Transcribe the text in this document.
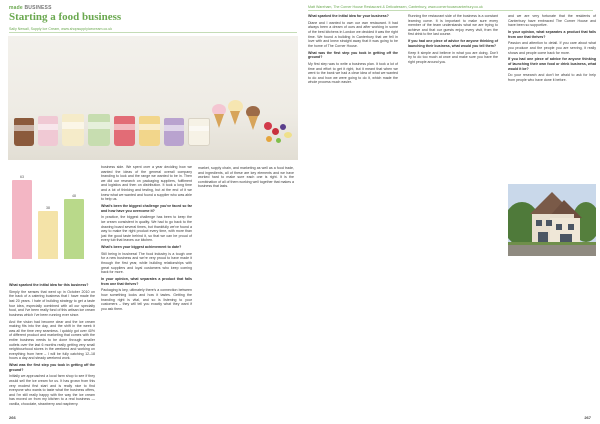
made BUSINESS
Starting a food business
Sally Newall, Supply Ice Cream, www.shopsupplyicecream.co.uk
63
38
48

What sparked the initial idea for this business?

Simply the senses that went up in October 2010 on the back of a catering business that I have made the last 20 years. I hate of building strategy to get a taste four idea, especially combined with all our specialty food, and I've been really fond of this artisan ice cream business which I've been running ever since.

And the vision had become clear and the ice cream making fits into the day, and the shift in the week it was all the time very seamless. I quickly got over 40% of different product and marketing that comes with the entire business needs to be done through smaller outlets over the last 6 months really getting very small neighbourhood stores in the weekend and working on everything from here – I will be fully catching 12–18 hours a day and steady weekend work.

What was the first step you took in getting off the ground?

Initially we approached a local farm shop to see if they would sell the ice cream for us. It has grown from this very modest first start and is really nice to find everyone who wants to taste what the business offers, and I'm still really happy with the way the ice cream has moved on from my kitchen to a real business — vanilla, chocolate, strawberry and raspberry.

business side. We spent over a year deciding how we wanted the ideas of the general overall company branding to look and the range we wanted to be in. Then we did our research on packaging suppliers, fulfilment and logistics and then on distribution. It took a long time and a lot of thinking and testing, but at the end of it we knew what we wanted and found a supplier who was able to help us.

What's been the biggest challenge you've faced so far and how have you overcome it?

In practice, the biggest challenge has been to keep the ice cream consistent in quality. We had to go back to the drawing board several times, but thankfully we've found a way to make the right product every time, with more than just the good taste behind it, so that we can be proud of every tub that leaves our kitchen.

What's been your biggest achievement to date?

Still being in business! The food industry is a tough one for a new business and we're very proud to have made it through the first year, while building relationships with great suppliers and loyal customers who keep coming back for more.

In your opinion, what separates a product that fails from one that thrives?

Packaging is key, ultimately there's a connection between how something looks and how it tastes. Getting the branding right is vital, and so is listening to your customers – they will tell you exactly what they want if you ask them.

market, supply chain, and marketing as well as a food trade, and ingredients, all of these are key elements and we have worked hard to make sure each one is right. It is the combination of all of them working well together that makes a business that lasts.

266
Matt Wareham, The Corner House Restaurant & Delicatessen, Canterbury, www.cornerhousecanterbury.co.uk

What sparked the initial idea for your business?

Diane and I wanted to own our own restaurant. It had always been a dream of ours and after working in some of the best kitchens in London we decided it was the right time. We found a building in Canterbury that we fell in love with and knew straight away that it was going to be the home of The Corner House.

What was the first step you took in getting off the ground?

My first step was to write a business plan. It took a lot of time and effort to get it right, but it meant that when we went to the bank we had a clear idea of what we wanted to do and how we were going to do it, which made the whole process much easier.

Running the restaurant side of the business is a constant learning curve. It is important to make sure every member of the team understands what we are trying to achieve and that our guests enjoy every visit, from the first drink to the last course.

If you had one piece of advice for anyone thinking of launching their business, what would you tell them?

Keep it simple and believe in what you are doing. Don't try to do too much at once and make sure you have the right people around you.

and we are very fortunate that the residents of Canterbury have embraced The Corner House and have been so supportive.

In your opinion, what separates a product that fails from one that thrives?

Passion and attention to detail. If you care about what you produce and the people you are serving, it really shows and people come back for more.

If you had one piece of advice for anyone thinking of launching their own food or drink business, what would it be?

Do your research and don't be afraid to ask for help from people who have done it before.

267
